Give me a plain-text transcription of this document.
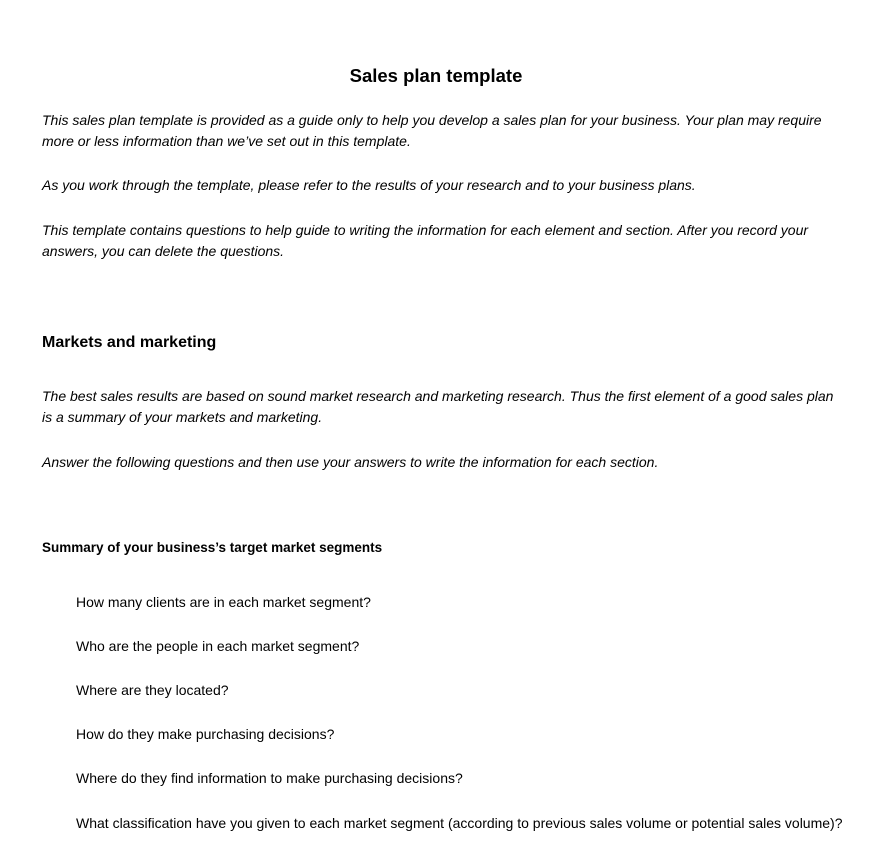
Sales plan template

This sales plan template is provided as a guide only to help you develop a sales plan for your business. Your plan may require more or less information than we’ve set out in this template.

As you work through the template, please refer to the results of your research and to your business plans.

This template contains questions to help guide to writing the information for each element and section. After you record your answers, you can delete the questions.

Markets and marketing

The best sales results are based on sound market research and marketing research. Thus the first element of a good sales plan is a summary of your markets and marketing.

Answer the following questions and then use your answers to write the information for each section.

Summary of your business’s target market segments

How many clients are in each market segment?

Who are the people in each market segment?

Where are they located?

How do they make purchasing decisions?

Where do they find information to make purchasing decisions?

What classification have you given to each market segment (according to previous sales volume or potential sales volume)?
